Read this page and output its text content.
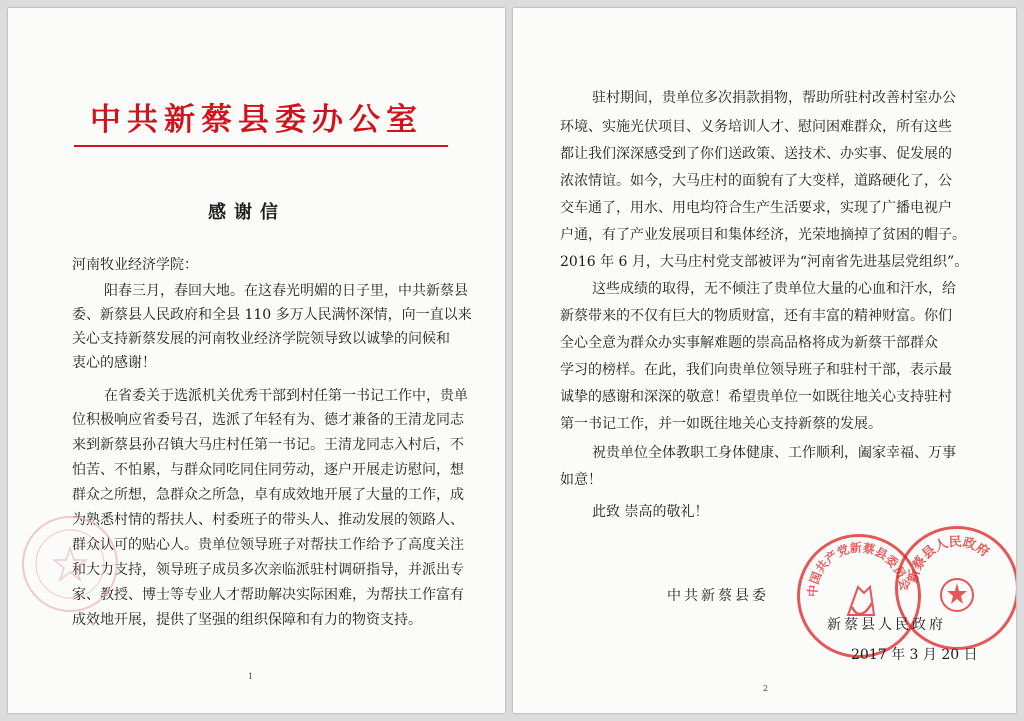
中共新蔡县委办公室
感谢信
河南牧业经济学院：
阳春三月，春回大地。在这春光明媚的日子里，中共新蔡县
委、新蔡县人民政府和全县 110 多万人民满怀深情，向一直以来
关心支持新蔡发展的河南牧业经济学院领导致以诚挚的问候和
衷心的感谢！
在省委关于选派机关优秀干部到村任第一书记工作中，贵单
位积极响应省委号召，选派了年轻有为、德才兼备的王清龙同志
来到新蔡县孙召镇大马庄村任第一书记。王清龙同志入村后，不
怕苦、不怕累，与群众同吃同住同劳动，逐户开展走访慰问，想
群众之所想，急群众之所急，卓有成效地开展了大量的工作，成
为熟悉村情的帮扶人、村委班子的带头人、推动发展的领路人、
群众认可的贴心人。贵单位领导班子对帮扶工作给予了高度关注
和大力支持，领导班子成员多次亲临派驻村调研指导，并派出专
家、教授、博士等专业人才帮助解决实际困难，为帮扶工作富有
成效地开展，提供了坚强的组织保障和有力的物资支持。
1
驻村期间，贵单位多次捐款捐物，帮助所驻村改善村室办公
环境、实施光伏项目、义务培训人才、慰问困难群众，所有这些
都让我们深深感受到了你们送政策、送技术、办实事、促发展的
浓浓情谊。如今，大马庄村的面貌有了大变样，道路硬化了，公
交车通了，用水、用电均符合生产生活要求，实现了广播电视户
户通，有了产业发展项目和集体经济，光荣地摘掉了贫困的帽子。
2016 年 6 月，大马庄村党支部被评为“河南省先进基层党组织”。
这些成绩的取得，无不倾注了贵单位大量的心血和汗水，给
新蔡带来的不仅有巨大的物质财富，还有丰富的精神财富。你们
全心全意为群众办实事解难题的崇高品格将成为新蔡干部群众
学习的榜样。在此，我们向贵单位领导班子和驻村干部，表示最
诚挚的感谢和深深的敬意！希望贵单位一如既往地关心支持驻村
第一书记工作，并一如既往地关心支持新蔡的发展。
祝贵单位全体教职工身体健康、工作顺利，阖家幸福、万事
如意！
此致 崇高的敬礼！
中国共产党新蔡县委员会
新蔡县人民政府
中共新蔡县委
新蔡县人民政府
2017 年 3 月 20 日
2
